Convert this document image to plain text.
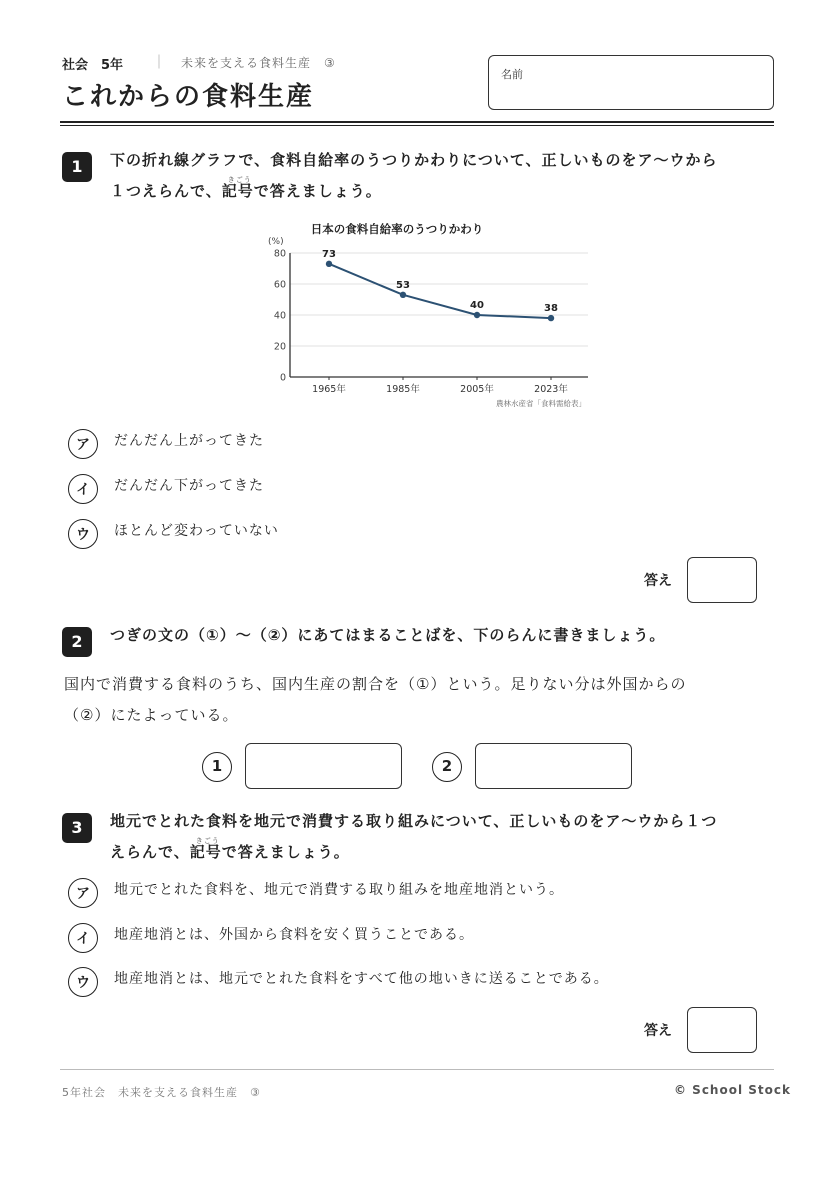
社会　5年 ｜ 未来を支える食料生産　③
これからの食料生産
名前
1	下の折れ線グラフで、食料自給率のうつりかわりについて、正しいものをア～ウから
１つえらんで、
きごう
記号で答えましょう。
日本の食料自給率のうつりかわり
(%)
0
20
40
60
80
1965年	1985年	2005年	2023年
73
53
40	38
農林水産省「食料需給表」
ア	だんだん上がってきた
イ	だんだん下がってきた
ウ	ほとんど変わっていない
答え
2	つぎの文の（①）～（②）にあてはまることばを、下のらんに書きましょう。
国内で消費する食料のうち、国内生産の割合を（①）という。足りない分は外国からの
（②）にたよっている。
1	2
3	地元でとれた食料を地元で消費する取り組みについて、正しいものをア～ウから１つ
えらんで、
きごう
記号で答えましょう。
ア	地元でとれた食料を、地元で消費する取り組みを地産地消という。
イ	地産地消とは、外国から食料を安く買うことである。
ウ	地産地消とは、地元でとれた食料をすべて他の地いきに送ることである。
答え
5年社会　未来を支える食料生産　③	© School Stock
